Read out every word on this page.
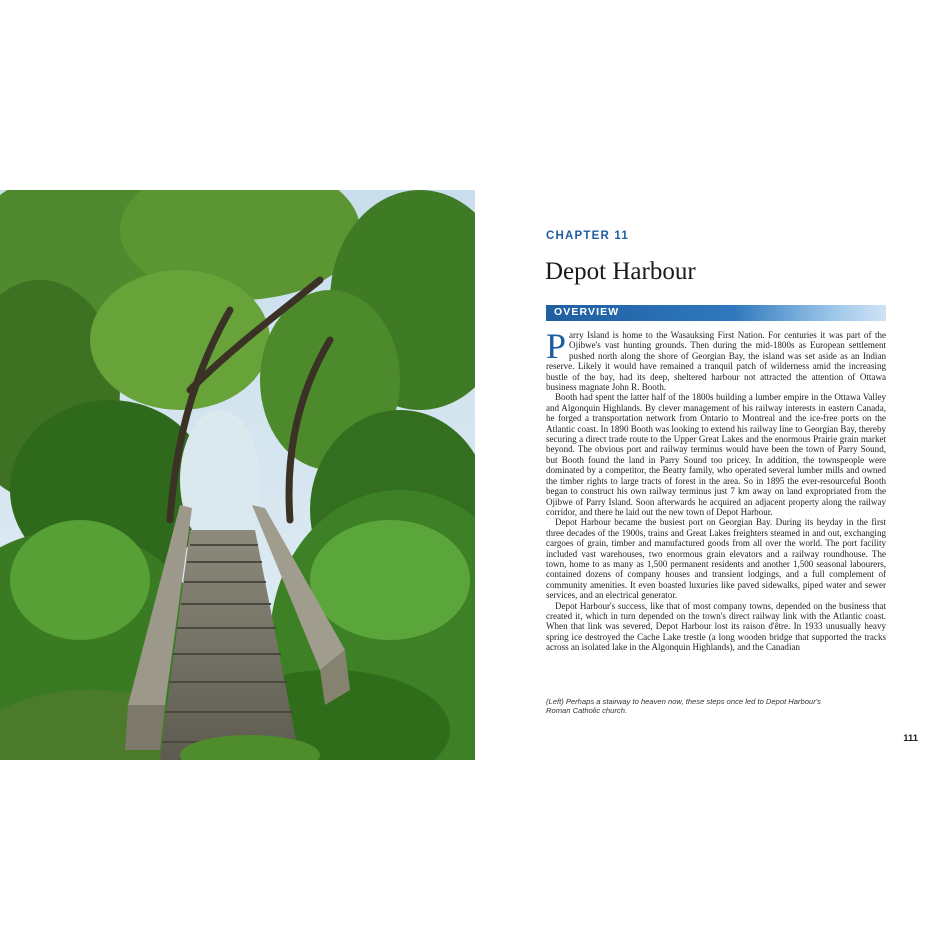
CHAPTER 11
Depot Harbour
OVERVIEW

Parry Island is home to the Wasauksing First Nation. For centuries it was part of the Ojibwe's vast hunting grounds. Then during the mid-1800s as European settlement pushed north along the shore of Georgian Bay, the island was set aside as an Indian reserve. Likely it would have remained a tranquil patch of wilderness amid the increasing bustle of the bay, had its deep, sheltered harbour not attracted the attention of Ottawa business magnate John R. Booth.

Booth had spent the latter half of the 1800s building a lumber empire in the Ottawa Valley and Algonquin Highlands. By clever management of his railway interests in eastern Canada, he forged a transportation network from Ontario to Montreal and the ice-free ports on the Atlantic coast. In 1890 Booth was looking to extend his railway line to Georgian Bay, thereby securing a direct trade route to the Upper Great Lakes and the enormous Prairie grain market beyond. The obvious port and railway terminus would have been the town of Parry Sound, but Booth found the land in Parry Sound too pricey. In addition, the townspeople were dominated by a competitor, the Beatty family, who operated several lumber mills and owned the timber rights to large tracts of forest in the area. So in 1895 the ever-resourceful Booth began to construct his own railway terminus just 7 km away on land expropriated from the Ojibwe of Parry Island. Soon afterwards he acquired an adjacent property along the railway corridor, and there he laid out the new town of Depot Harbour.

Depot Harbour became the busiest port on Georgian Bay. During its heyday in the first three decades of the 1900s, trains and Great Lakes freighters steamed in and out, exchanging cargoes of grain, timber and manufactured goods from all over the world. The port facility included vast warehouses, two enormous grain elevators and a railway roundhouse. The town, home to as many as 1,500 permanent residents and another 1,500 seasonal labourers, contained dozens of company houses and transient lodgings, and a full complement of community amenities. It even boasted luxuries like paved sidewalks, piped water and sewer services, and an electrical generator.

Depot Harbour's success, like that of most company towns, depended on the business that created it, which in turn depended on the town's direct railway link with the Atlantic coast. When that link was severed, Depot Harbour lost its raison d'être. In 1933 unusually heavy spring ice destroyed the Cache Lake trestle (a long wooden bridge that supported the tracks across an isolated lake in the Algonquin Highlands), and the Canadian

(Left) Perhaps a stairway to heaven now, these steps once led to Depot Harbour's Roman Catholic church.
111
